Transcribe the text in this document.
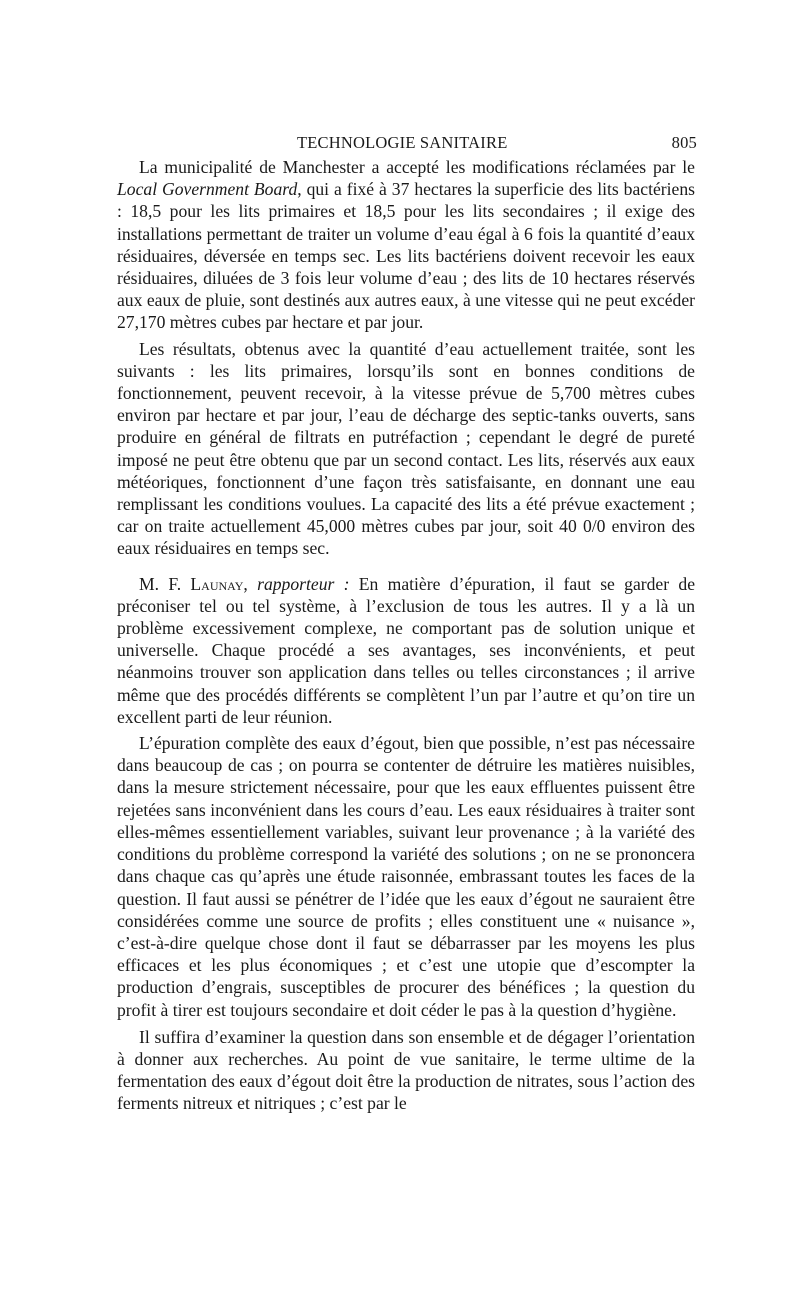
TECHNOLOGIE SANITAIRE	805

La municipalité de Manchester a accepté les modifications réclamées par le Local Government Board, qui a fixé à 37 hectares la superficie des lits bactériens : 18,5 pour les lits primaires et 18,5 pour les lits secondaires ; il exige des installations permettant de traiter un volume d’eau égal à 6 fois la quantité d’eaux résiduaires, déversée en temps sec. Les lits bactériens doivent recevoir les eaux résiduaires, diluées de 3 fois leur volume d’eau ; des lits de 10 hectares réservés aux eaux de pluie, sont destinés aux autres eaux, à une vitesse qui ne peut excéder 27,170 mètres cubes par hectare et par jour.

Les résultats, obtenus avec la quantité d’eau actuellement traitée, sont les suivants : les lits primaires, lorsqu’ils sont en bonnes conditions de fonctionnement, peuvent recevoir, à la vitesse prévue de 5,700 mètres cubes environ par hectare et par jour, l’eau de décharge des septic-tanks ouverts, sans produire en général de filtrats en putréfaction ; cependant le degré de pureté imposé ne peut être obtenu que par un second contact. Les lits, réservés aux eaux météoriques, fonctionnent d’une façon très satisfaisante, en donnant une eau remplissant les conditions voulues. La capacité des lits a été prévue exactement ; car on traite actuellement 45,000 mètres cubes par jour, soit 40 0/0 environ des eaux résiduaires en temps sec.

M. F. Launay, rapporteur : En matière d’épuration, il faut se garder de préconiser tel ou tel système, à l’exclusion de tous les autres. Il y a là un problème excessivement complexe, ne comportant pas de solution unique et universelle. Chaque procédé a ses avantages, ses inconvénients, et peut néanmoins trouver son application dans telles ou telles circonstances ; il arrive même que des procédés différents se complètent l’un par l’autre et qu’on tire un excellent parti de leur réunion.

L’épuration complète des eaux d’égout, bien que possible, n’est pas nécessaire dans beaucoup de cas ; on pourra se contenter de détruire les matières nuisibles, dans la mesure strictement nécessaire, pour que les eaux effluentes puissent être rejetées sans inconvénient dans les cours d’eau. Les eaux résiduaires à traiter sont elles-mêmes essentiellement variables, suivant leur provenance ; à la variété des conditions du problème correspond la variété des solutions ; on ne se prononcera dans chaque cas qu’après une étude raisonnée, embrassant toutes les faces de la question. Il faut aussi se pénétrer de l’idée que les eaux d’égout ne sauraient être considérées comme une source de profits ; elles constituent une « nuisance », c’est-à-dire quelque chose dont il faut se débarrasser par les moyens les plus efficaces et les plus économiques ; et c’est une utopie que d’escompter la production d’engrais, susceptibles de procurer des bénéfices ; la question du profit à tirer est toujours secondaire et doit céder le pas à la question d’hygiène.

Il suffira d’examiner la question dans son ensemble et de dégager l’orientation à donner aux recherches. Au point de vue sanitaire, le terme ultime de la fermentation des eaux d’égout doit être la production de nitrates, sous l’action des ferments nitreux et nitriques ; c’est par le
